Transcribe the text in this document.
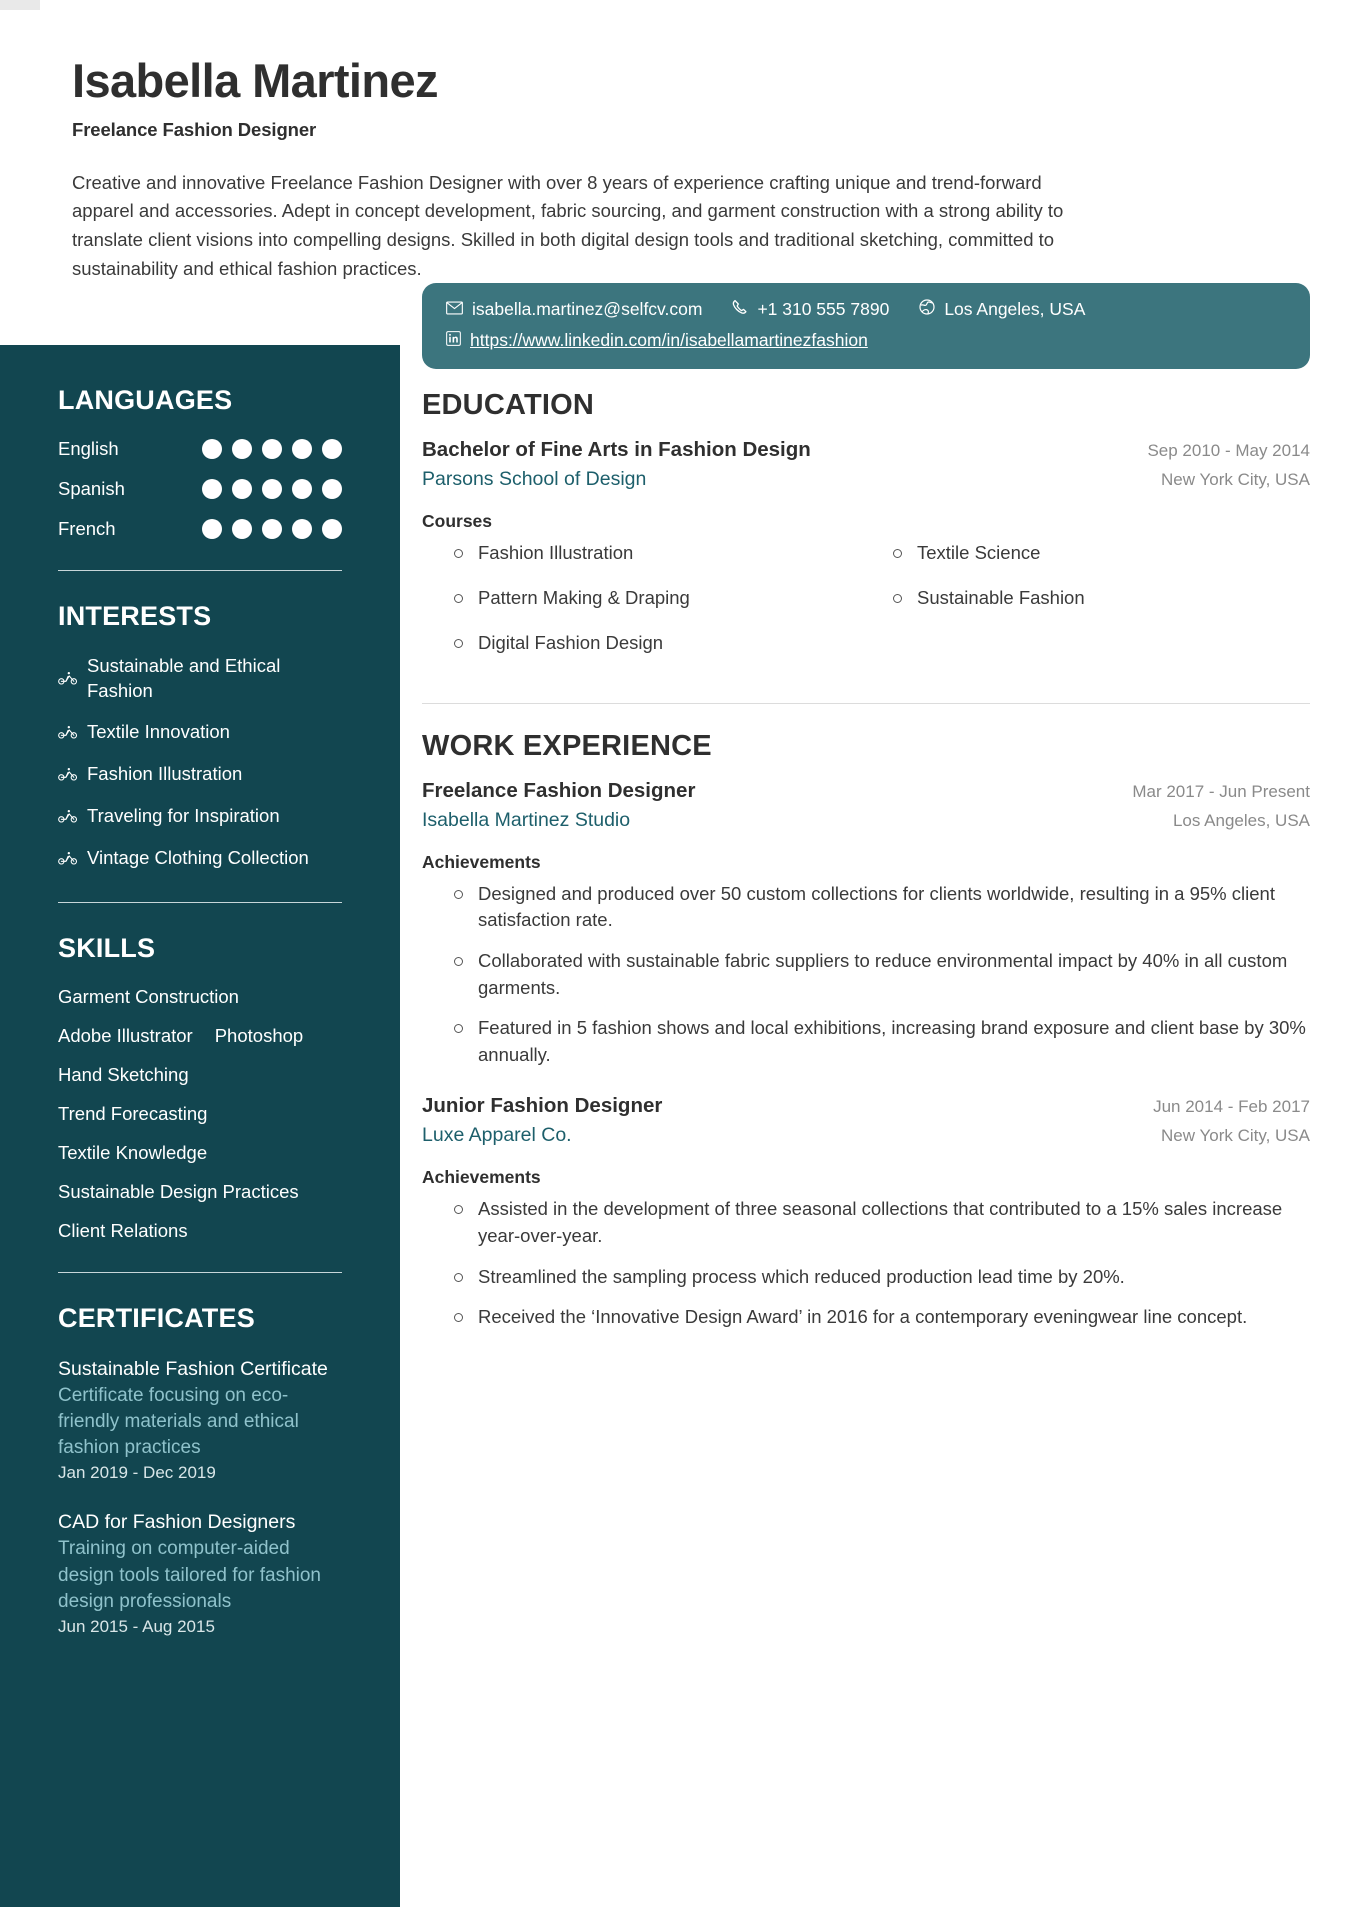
Isabella Martinez
Freelance Fashion Designer
Creative and innovative Freelance Fashion Designer with over 8 years of experience crafting unique and trend-forward apparel and accessories. Adept in concept development, fabric sourcing, and garment construction with a strong ability to translate client visions into compelling designs. Skilled in both digital design tools and traditional sketching, committed to sustainability and ethical fashion practices.
LANGUAGES
English
Spanish
French
INTERESTS
Sustainable and Ethical Fashion
Textile Innovation
Fashion Illustration
Traveling for Inspiration
Vintage Clothing Collection
SKILLS
Garment Construction
Adobe Illustrator Photoshop
Hand Sketching
Trend Forecasting
Textile Knowledge
Sustainable Design Practices
Client Relations
CERTIFICATES
Sustainable Fashion Certificate
Certificate focusing on eco-friendly materials and ethical fashion practices
Jan 2019 - Dec 2019
CAD for Fashion Designers
Training on computer-aided design tools tailored for fashion design professionals
Jun 2015 - Aug 2015
isabella.martinez@selfcv.com	+1 310 555 7890	Los Angeles, USA
https://www.linkedin.com/in/isabellamartinezfashion
EDUCATION
Bachelor of Fine Arts in Fashion Design	Sep 2010 - May 2014
Parsons School of Design	New York City, USA
Courses
Fashion Illustration
Pattern Making & Draping
Digital Fashion Design
Textile Science
Sustainable Fashion
WORK EXPERIENCE
Freelance Fashion Designer	Mar 2017 - Jun Present
Isabella Martinez Studio	Los Angeles, USA
Achievements
Designed and produced over 50 custom collections for clients worldwide, resulting in a 95% client satisfaction rate.
Collaborated with sustainable fabric suppliers to reduce environmental impact by 40% in all custom garments.
Featured in 5 fashion shows and local exhibitions, increasing brand exposure and client base by 30% annually.
Junior Fashion Designer	Jun 2014 - Feb 2017
Luxe Apparel Co.	New York City, USA
Achievements
Assisted in the development of three seasonal collections that contributed to a 15% sales increase year-over-year.
Streamlined the sampling process which reduced production lead time by 20%.
Received the ‘Innovative Design Award’ in 2016 for a contemporary eveningwear line concept.
